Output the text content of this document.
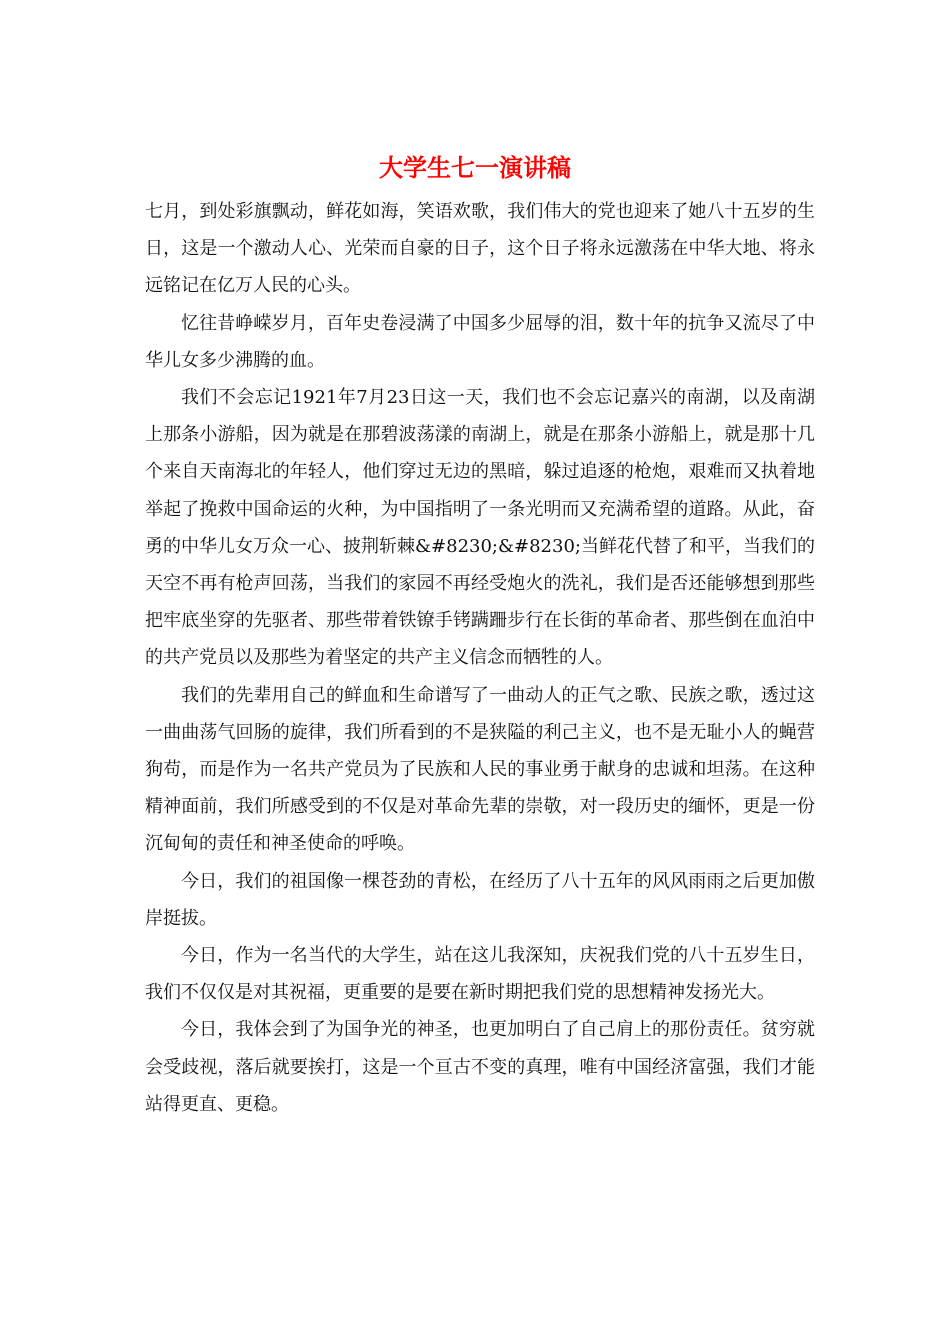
大学生七一演讲稿

七月，到处彩旗飘动，鲜花如海，笑语欢歌，我们伟大的党也迎来了她八十五岁的生日，这是一个激动人心、光荣而自豪的日子，这个日子将永远激荡在中华大地、将永远铭记在亿万人民的心头。

忆往昔峥嵘岁月，百年史卷浸满了中国多少屈辱的泪，数十年的抗争又流尽了中华儿女多少沸腾的血。

我们不会忘记1921年7月23日这一天，我们也不会忘记嘉兴的南湖，以及南湖上那条小游船，因为就是在那碧波荡漾的南湖上，就是在那条小游船上，就是那十几个来自天南海北的年轻人，他们穿过无边的黑暗，躲过追逐的枪炮，艰难而又执着地举起了挽救中国命运的火种，为中国指明了一条光明而又充满希望的道路。从此，奋勇的中华儿女万众一心、披荆斩棘&#8230;&#8230;当鲜花代替了和平，当我们的天空不再有枪声回荡，当我们的家园不再经受炮火的洗礼，我们是否还能够想到那些把牢底坐穿的先驱者、那些带着铁镣手铐蹒跚步行在长街的革命者、那些倒在血泊中的共产党员以及那些为着坚定的共产主义信念而牺牲的人。

我们的先辈用自己的鲜血和生命谱写了一曲动人的正气之歌、民族之歌，透过这一曲曲荡气回肠的旋律，我们所看到的不是狭隘的利己主义，也不是无耻小人的蝇营狗苟，而是作为一名共产党员为了民族和人民的事业勇于献身的忠诚和坦荡。在这种精神面前，我们所感受到的不仅是对革命先辈的崇敬，对一段历史的缅怀，更是一份沉甸甸的责任和神圣使命的呼唤。

今日，我们的祖国像一棵苍劲的青松，在经历了八十五年的风风雨雨之后更加傲岸挺拔。

今日，作为一名当代的大学生，站在这儿我深知，庆祝我们党的八十五岁生日，我们不仅仅是对其祝福，更重要的是要在新时期把我们党的思想精神发扬光大。

今日，我体会到了为国争光的神圣，也更加明白了自己肩上的那份责任。贫穷就会受歧视，落后就要挨打，这是一个亘古不变的真理，唯有中国经济富强，我们才能站得更直、更稳。
